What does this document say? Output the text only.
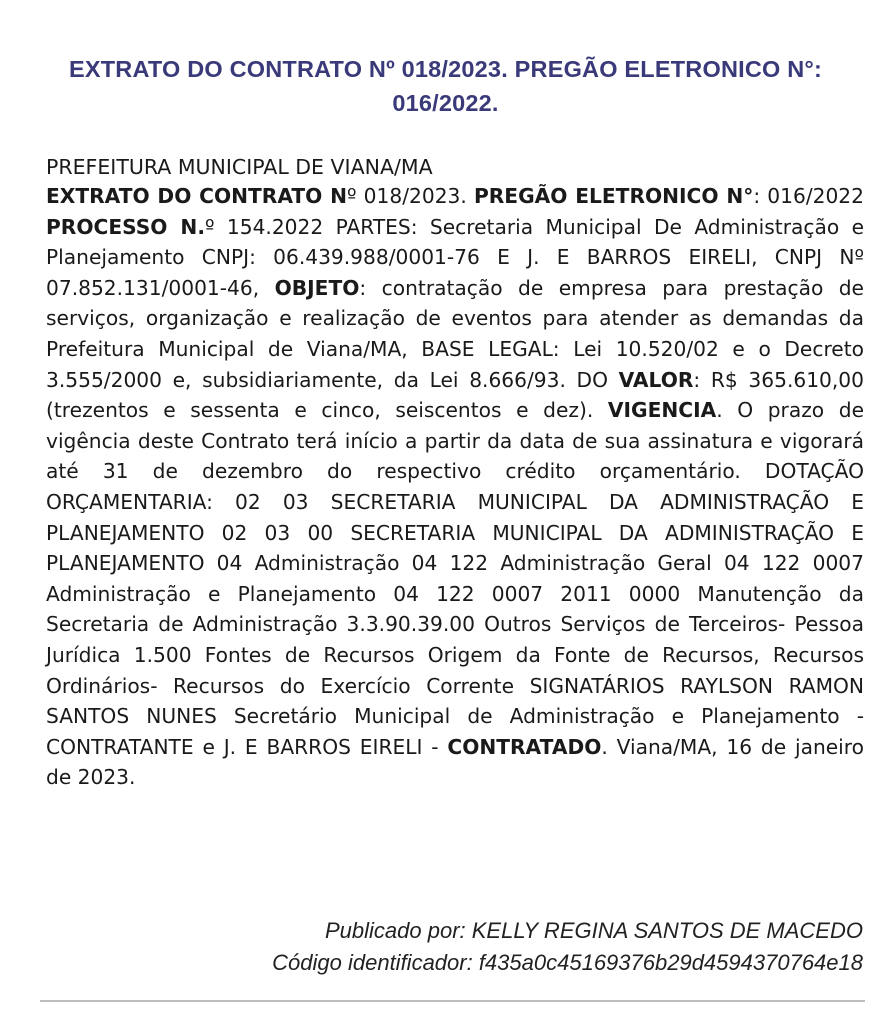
EXTRATO DO CONTRATO Nº 018/2023. PREGÃO ELETRONICO N°:
016/2022.

PREFEITURA MUNICIPAL DE VIANA/MA

EXTRATO DO CONTRATO Nº 018/2023. PREGÃO ELETRONICO N°: 016/2022 PROCESSO N.º 154.2022 PARTES: Secretaria Municipal De Administração e Planejamento CNPJ: 06.439.988/0001-76 E J. E BARROS EIRELI, CNPJ Nº 07.852.131/0001-46, OBJETO: contratação de empresa para prestação de serviços, organização e realização de eventos para atender as demandas da Prefeitura Municipal de Viana/MA, BASE LEGAL: Lei 10.520/02 e o Decreto 3.555/2000 e, subsidiariamente, da Lei 8.666/93. DO VALOR: R$ 365.610,00 (trezentos e sessenta e cinco, seiscentos e dez). VIGENCIA. O prazo de vigência deste Contrato terá início a partir da data de sua assinatura e vigorará até 31 de dezembro do respectivo crédito orçamentário. DOTAÇÃO ORÇAMENTARIA: 02 03 SECRETARIA MUNICIPAL DA ADMINISTRAÇÃO E PLANEJAMENTO 02 03 00 SECRETARIA MUNICIPAL DA ADMINISTRAÇÃO E PLANEJAMENTO 04 Administração 04 122 Administração Geral 04 122 0007 Administração e Planejamento 04 122 0007 2011 0000 Manutenção da Secretaria de Administração 3.3.90.39.00 Outros Serviços de Terceiros- Pessoa Jurídica 1.500 Fontes de Recursos Origem da Fonte de Recursos, Recursos Ordinários- Recursos do Exercício Corrente SIGNATÁRIOS RAYLSON RAMON SANTOS NUNES Secretário Municipal de Administração e Planejamento - CONTRATANTE e J. E BARROS EIRELI - CONTRATADO. Viana/MA, 16 de janeiro de 2023.

Publicado por: KELLY REGINA SANTOS DE MACEDO
Código identificador: f435a0c45169376b29d4594370764e18
